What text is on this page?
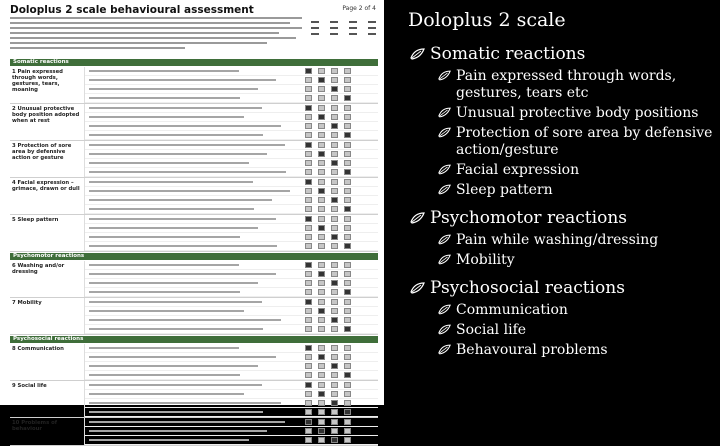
Doloplus 2 scale behavioural assessment	Page 2 of 4
Somatic reactions
1 Pain expressed through words, gestures, tears, moaning
2 Unusual protective body position adopted when at rest
3 Protection of sore area by defensive action or gesture
4 Facial expression – grimace, drawn or dull
5 Sleep pattern
Psychomotor reactions
6 Washing and/or dressing
7 Mobility
Psychosocial reactions
8 Communication
9 Social life
10 Problems of behaviour
Doloplus 2 scale
Somatic reactions
Pain expressed through words, gestures, tears etc
Unusual protective body positions
Protection of sore area by defensive action/gesture
Facial expression
Sleep pattern
Psychomotor reactions
Pain while washing/dressing
Mobility
Psychosocial reactions
Communication
Social life
Behavoural problems
